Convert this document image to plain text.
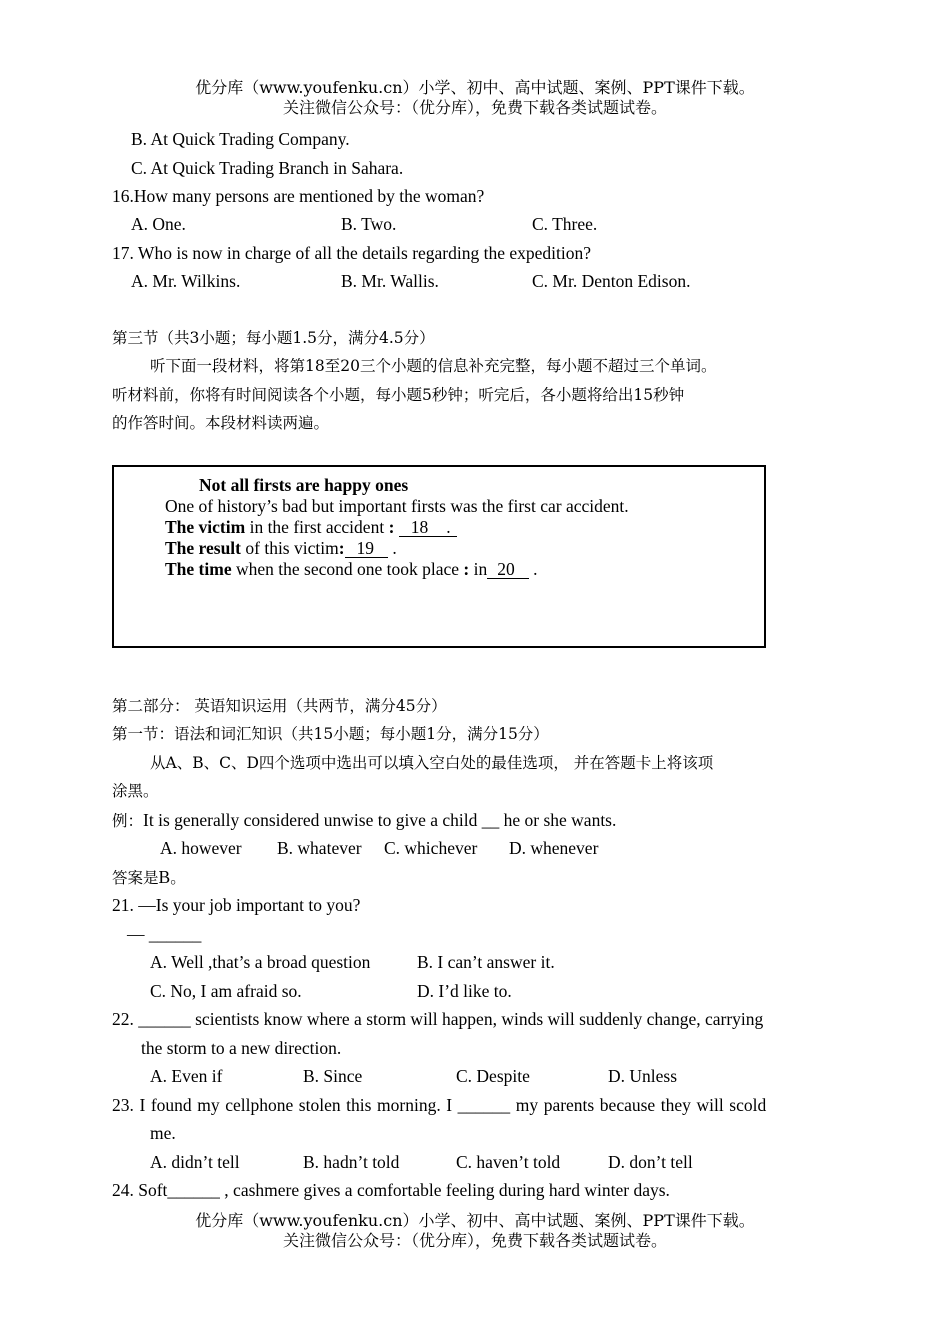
优分库（www.youfenku.cn）小学、初中、高中试题、案例、PPT课件下载。
关注微信公众号：（优分库），免费下载各类试题试卷。
B. At Quick Trading Company.
C. At Quick Trading Branch in Sahara.
16.How many persons are mentioned by the woman?
A. One.	B. Two.	C. Three.
17. Who is now in charge of all the details regarding the expedition?
A. Mr. Wilkins.	B. Mr. Wallis.	C. Mr. Denton Edison.
第三节（共3小题；每小题1.5分，满分4.5分）
听下面一段材料，将第18至20三个小题的信息补充完整，每小题不超过三个单词。
听材料前，你将有时间阅读各个小题，每小题5秒钟；听完后，各小题将给出15秒钟
的作答时间。本段材料读两遍。
Not all firsts are happy ones
One of history’s bad but important firsts was the first car accident.
The victim in the first accident : 18 .
The result of this victim: 19 .
The time when the second one took place : in 20 .
第二部分： 英语知识运用（共两节，满分45分）
第一节：语法和词汇知识（共15小题；每小题1分，满分15分）
从A、B、C、D四个选项中选出可以填入空白处的最佳选项， 并在答题卡上将该项
涂黑。
例：It is generally considered unwise to give a child __ he or she wants.
A. however B. whatever C. whichever D. whenever
答案是B。
21. —Is your job important to you?
— ______
A. Well ,that’s a broad question	B. I can’t answer it.
C. No, I am afraid so.	D. I’d like to.
22. ______ scientists know where a storm will happen, winds will suddenly change, carrying
the storm to a new direction.
A. Even if	B. Since	C. Despite	D. Unless
23. I found my cellphone stolen this morning. I ______ my parents because they will scold
me.
A. didn’t tell	B. hadn’t told	C. haven’t told	D. don’t tell
24. Soft______ , cashmere gives a comfortable feeling during hard winter days.
优分库（www.youfenku.cn）小学、初中、高中试题、案例、PPT课件下载。
关注微信公众号：（优分库），免费下载各类试题试卷。
